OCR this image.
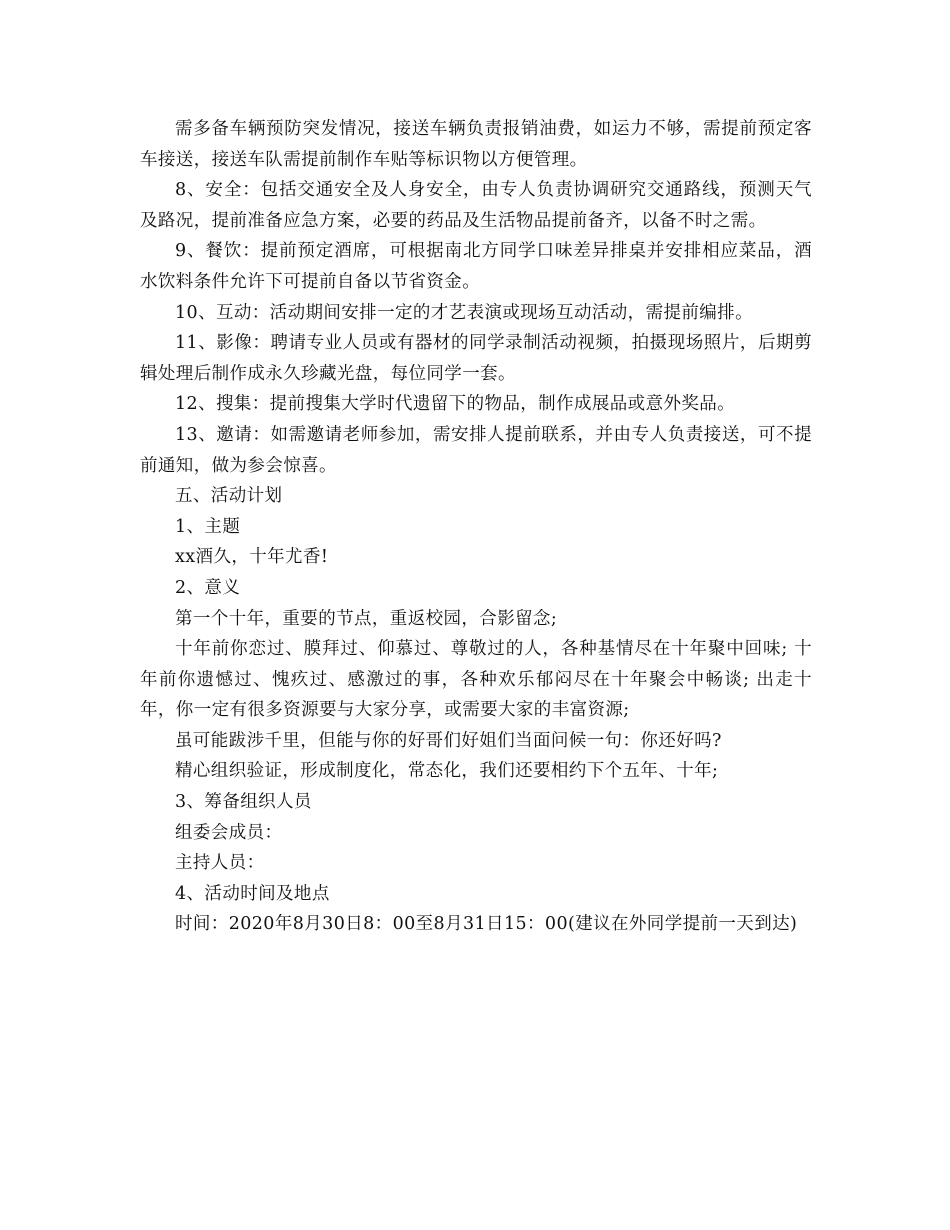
需多备车辆预防突发情况，接送车辆负责报销油费，如运力不够，需提前预定客车接送，接送车队需提前制作车贴等标识物以方便管理。

8、安全：包括交通安全及人身安全，由专人负责协调研究交通路线，预测天气及路况，提前准备应急方案，必要的药品及生活物品提前备齐，以备不时之需。

9、餐饮：提前预定酒席，可根据南北方同学口味差异排桌并安排相应菜品，酒水饮料条件允许下可提前自备以节省资金。

10、互动：活动期间安排一定的才艺表演或现场互动活动，需提前编排。

11、影像：聘请专业人员或有器材的同学录制活动视频，拍摄现场照片，后期剪辑处理后制作成永久珍藏光盘，每位同学一套。

12、搜集：提前搜集大学时代遗留下的物品，制作成展品或意外奖品。

13、邀请：如需邀请老师参加，需安排人提前联系，并由专人负责接送，可不提前通知，做为参会惊喜。

五、活动计划

1、主题

xx酒久，十年尤香!

2、意义

第一个十年，重要的节点，重返校园，合影留念;

十年前你恋过、膜拜过、仰慕过、尊敬过的人，各种基情尽在十年聚中回味; 十年前你遗憾过、愧疚过、感激过的事，各种欢乐郁闷尽在十年聚会中畅谈; 出走十年，你一定有很多资源要与大家分享，或需要大家的丰富资源;

虽可能跋涉千里，但能与你的好哥们好姐们当面问候一句：你还好吗?

精心组织验证，形成制度化，常态化，我们还要相约下个五年、十年;

3、筹备组织人员

组委会成员：

主持人员：

4、活动时间及地点

时间：2020年8月30日8：00至8月31日15：00(建议在外同学提前一天到达)
